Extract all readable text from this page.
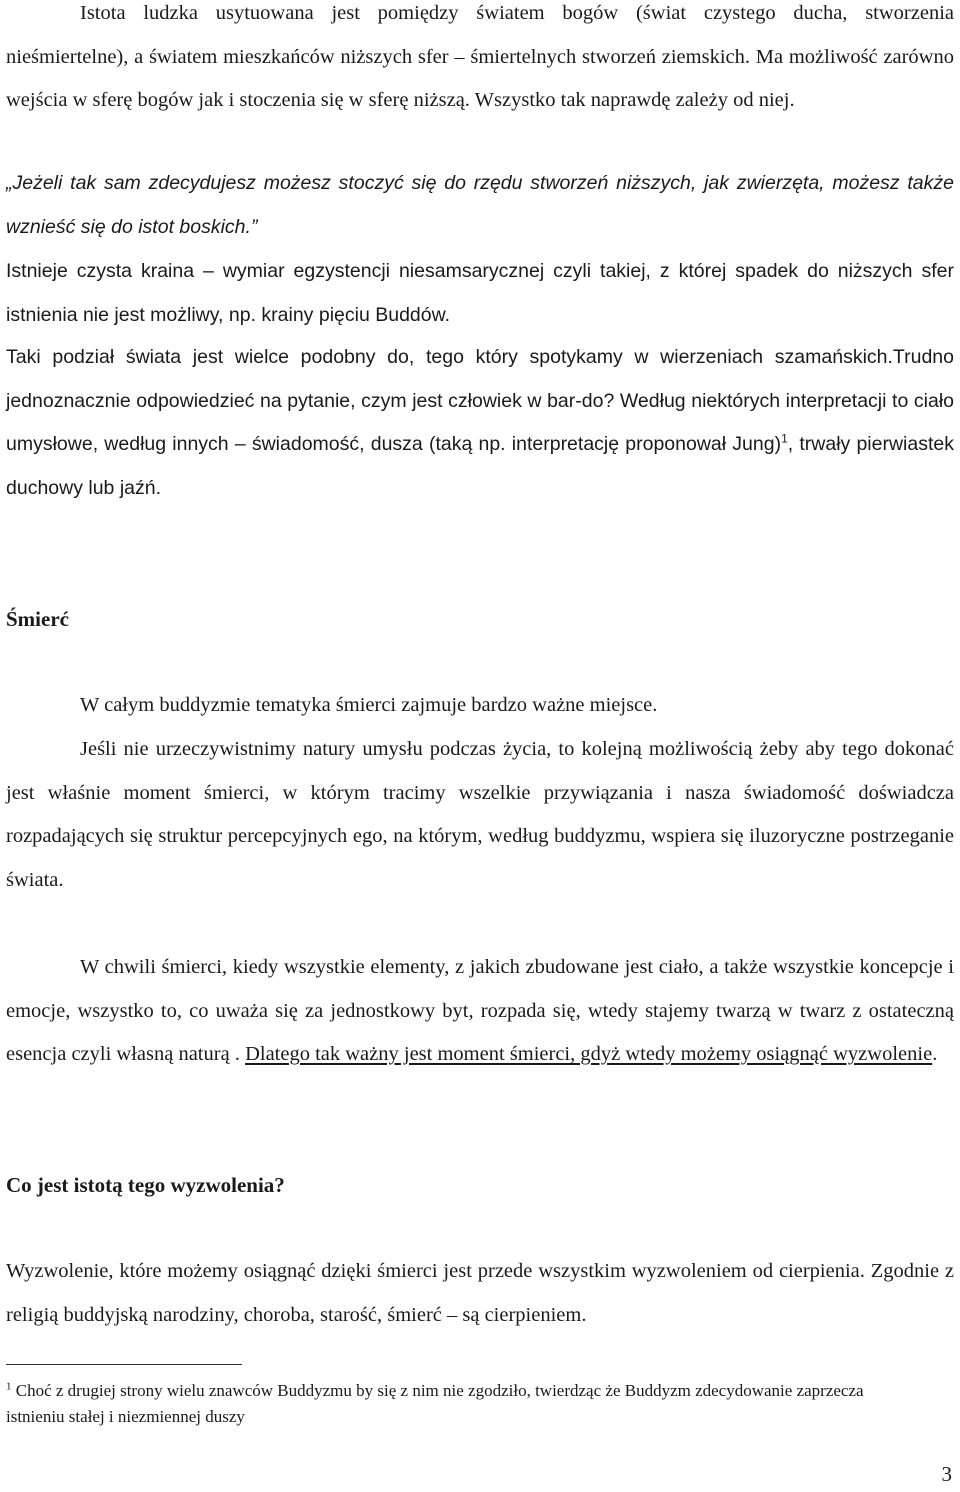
Istota ludzka usytuowana jest pomiędzy światem bogów (świat czystego ducha, stworzenia nieśmiertelne), a światem mieszkańców niższych sfer – śmiertelnych stworzeń ziemskich. Ma możliwość zarówno wejścia w sferę bogów jak i stoczenia się w sferę niższą. Wszystko tak naprawdę zależy od niej.

„Jeżeli tak sam zdecydujesz możesz stoczyć się do rzędu stworzeń niższych, jak zwierzęta, możesz także wznieść się do istot boskich.”

Istnieje czysta kraina – wymiar egzystencji niesamsarycznej czyli takiej, z której spadek do niższych sfer istnienia nie jest możliwy, np. krainy pięciu Buddów.

Taki podział świata jest wielce podobny do, tego który spotykamy w wierzeniach szamańskich.Trudno jednoznacznie odpowiedzieć na pytanie, czym jest człowiek w bar-do? Według niektórych interpretacji to ciało umysłowe, według innych – świadomość, dusza (taką np. interpretację proponował Jung)$^1$, trwały pierwiastek duchowy lub jaźń.

Śmierć

W całym buddyzmie tematyka śmierci zajmuje bardzo ważne miejsce.

Jeśli nie urzeczywistnimy natury umysłu podczas życia, to kolejną możliwością żeby aby tego dokonać jest właśnie moment śmierci, w którym tracimy wszelkie przywiązania i nasza świadomość doświadcza rozpadających się struktur percepcyjnych ego, na którym, według buddyzmu, wspiera się iluzoryczne postrzeganie świata.

W chwili śmierci, kiedy wszystkie elementy, z jakich zbudowane jest ciało, a także wszystkie koncepcje i emocje, wszystko to, co uważa się za jednostkowy byt, rozpada się, wtedy stajemy twarzą w twarz z ostateczną esencja czyli własną naturą . Dlatego tak ważny jest moment śmierci, gdyż wtedy możemy osiągnąć wyzwolenie.

Co jest istotą tego wyzwolenia?

Wyzwolenie, które możemy osiągnąć dzięki śmierci jest przede wszystkim wyzwoleniem od cierpienia. Zgodnie z religią buddyjską narodziny, choroba, starość, śmierć – są cierpieniem.

$^1$ Choć z drugiej strony wielu znawców Buddyzmu by się z nim nie zgodziło, twierdząc że Buddyzm zdecydowanie zaprzecza istnieniu stałej i niezmiennej duszy

3
